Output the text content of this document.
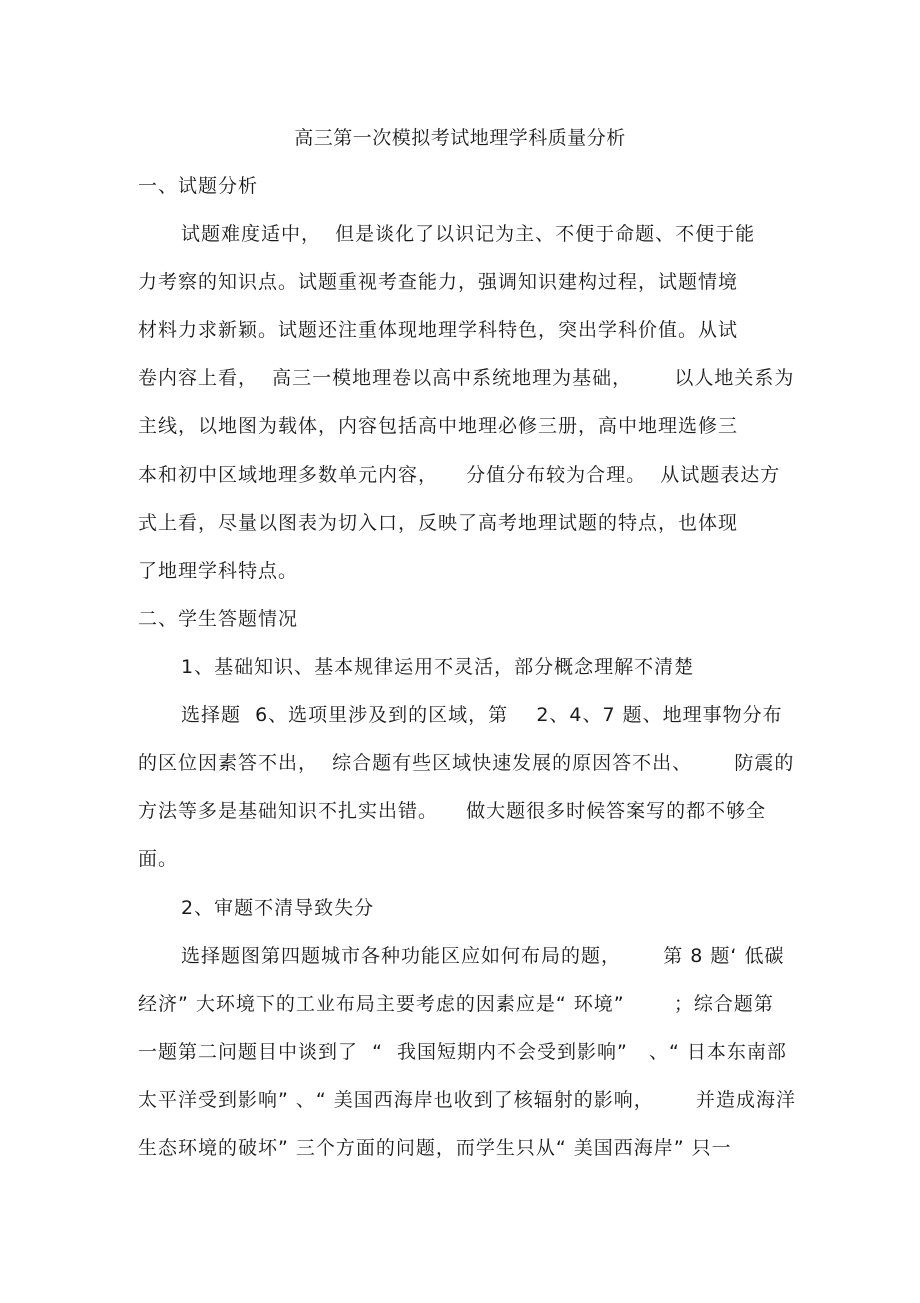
高三第一次模拟考试地理学科质量分析
一、试题分析
试题难度适中，  但是谈化了以识记为主、不便于命题、不便于能
力考察的知识点。试题重视考查能力，强调知识建构过程，试题情境
材料力求新颖。试题还注重体现地理学科特色，突出学科价值。从试
卷内容上看，  高三一模地理卷以高中系统地理为基础，      以人地关系为
主线，以地图为载体，内容包括高中地理必修三册，高中地理选修三
本和初中区域地理多数单元内容，    分值分布较为合理。  从试题表达方
式上看，尽量以图表为切入口，反映了高考地理试题的特点，也体现
了地理学科特点。
二、学生答题情况
1、基础知识、基本规律运用不灵活，部分概念理解不清楚
选择题  6、选项里涉及到的区域，第    2、4、7 题、地理事物分布
的区位因素答不出，  综合题有些区域快速发展的原因答不出、      防震的
方法等多是基础知识不扎实出错。    做大题很多时候答案写的都不够全
面。
2、审题不清导致失分
选择题图第四题城市各种功能区应如何布局的题，      第 8 题‘ 低碳
经济” 大环境下的工业布局主要考虑的因素应是“ 环境”       ；综合题第
一题第二问题目中谈到了  “  我国短期内不会受到影响”   、“ 日本东南部
太平洋受到影响” 、“ 美国西海岸也收到了核辐射的影响，      并造成海洋
生态环境的破坏” 三个方面的问题，而学生只从“ 美国西海岸” 只一
